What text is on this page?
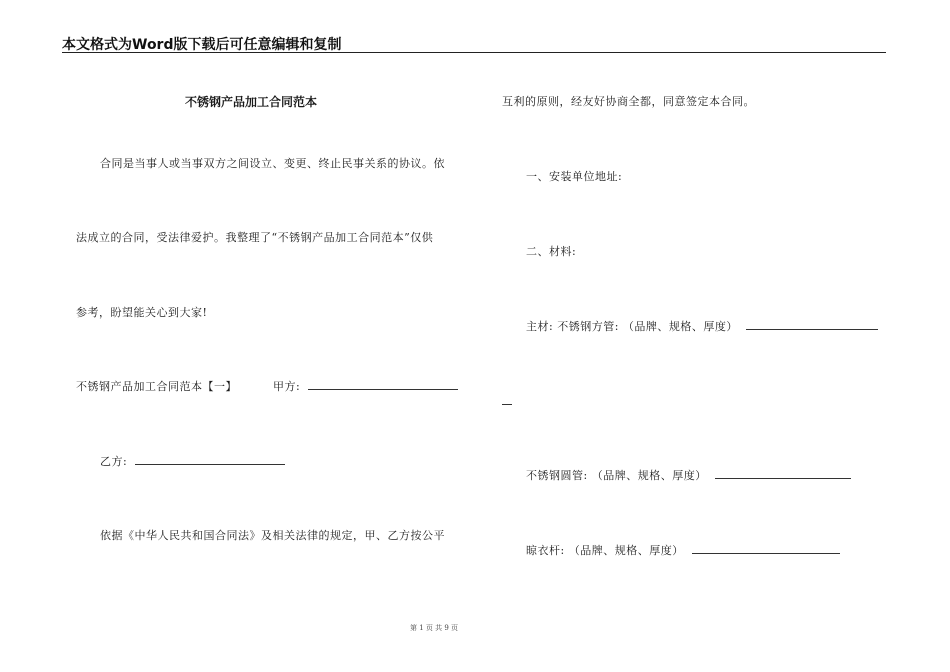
本文格式为Word版下载后可任意编辑和复制
不锈钢产品加工合同范本
合同是当事人或当事双方之间设立、变更、终止民事关系的协议。依
法成立的合同，受法律爱护。我整理了“不锈钢产品加工合同范本”仅供
参考，盼望能关心到大家!
不锈钢产品加工合同范本【一】	甲方:
乙方:
依据《中华人民共和国合同法》及相关法律的规定，甲、乙方按公平
互利的原则，经友好协商全都，同意签定本合同。
一、安装单位地址:
二、材料:
主材: 不锈钢方管: （品牌、规格、厚度）
不锈钢圆管: （品牌、规格、厚度）
晾衣杆: （品牌、规格、厚度）
第 1 页 共 9 页
